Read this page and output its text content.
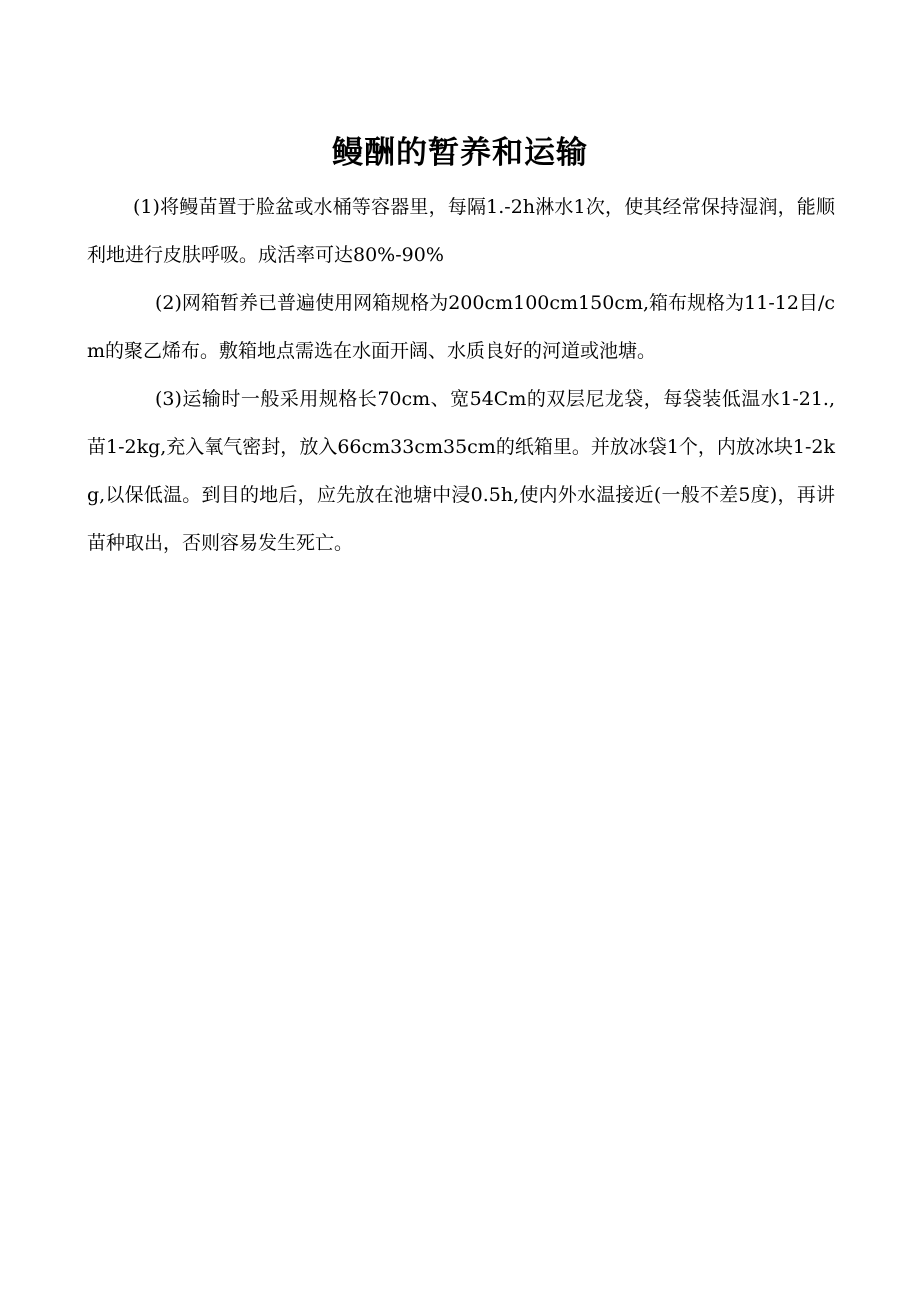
鳗酬的暂养和运输

(1)将鳗苗置于脸盆或水桶等容器里，每隔1.-2h淋水1次，使其经常保持湿润，能顺利地进行皮肤呼吸。成活率可达80%-90%

(2)网箱暂养已普遍使用网箱规格为200cm100cm150cm,箱布规格为11-12目/cm的聚乙烯布。敷箱地点需选在水面开阔、水质良好的河道或池塘。

(3)运输时一般采用规格长70cm、宽54Cm的双层尼龙袋，每袋装低温水1-21.,苗1-2kg,充入氧气密封，放入66cm33cm35cm的纸箱里。并放冰袋1个，内放冰块1-2kg,以保低温。到目的地后，应先放在池塘中浸0.5h,使内外水温接近(一般不差5度)，再讲苗种取出，否则容易发生死亡。
